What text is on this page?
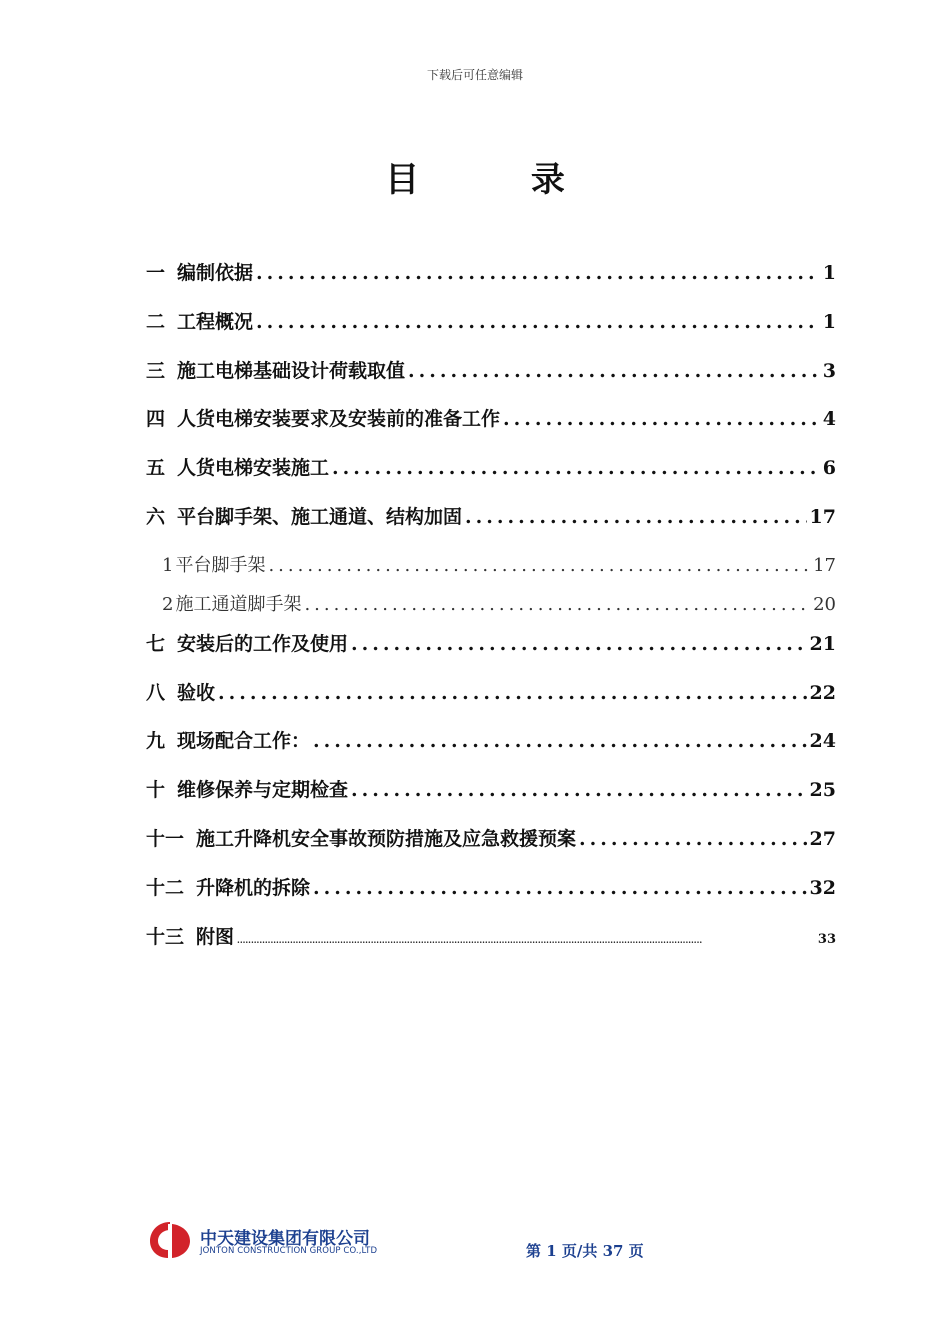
下载后可任意编辑
目 录
一 编制依据 .....	1
二 工程概况 .....	1
三 施工电梯基础设计荷载取值 .....	3
四 人货电梯安装要求及安装前的准备工作 .....	4
五 人货电梯安装施工 .....	6
六 平台脚手架、施工通道、结构加固 .....	17
1 平台脚手架 .....	17
2 施工通道脚手架 .....	20
七 安装后的工作及使用 .....	21
八 验收 .....	22
九 现场配合工作： .....	24
十 维修保养与定期检查 .....	25
十一 施工升降机安全事故预防措施及应急救援预案 .....	27
十二 升降机的拆除 .....	32
十三 附图 .....	33
中天建设集团有限公司
JONTON CONSTRUCTION GROUP CO.,LTD	第 1 页/共 37 页
